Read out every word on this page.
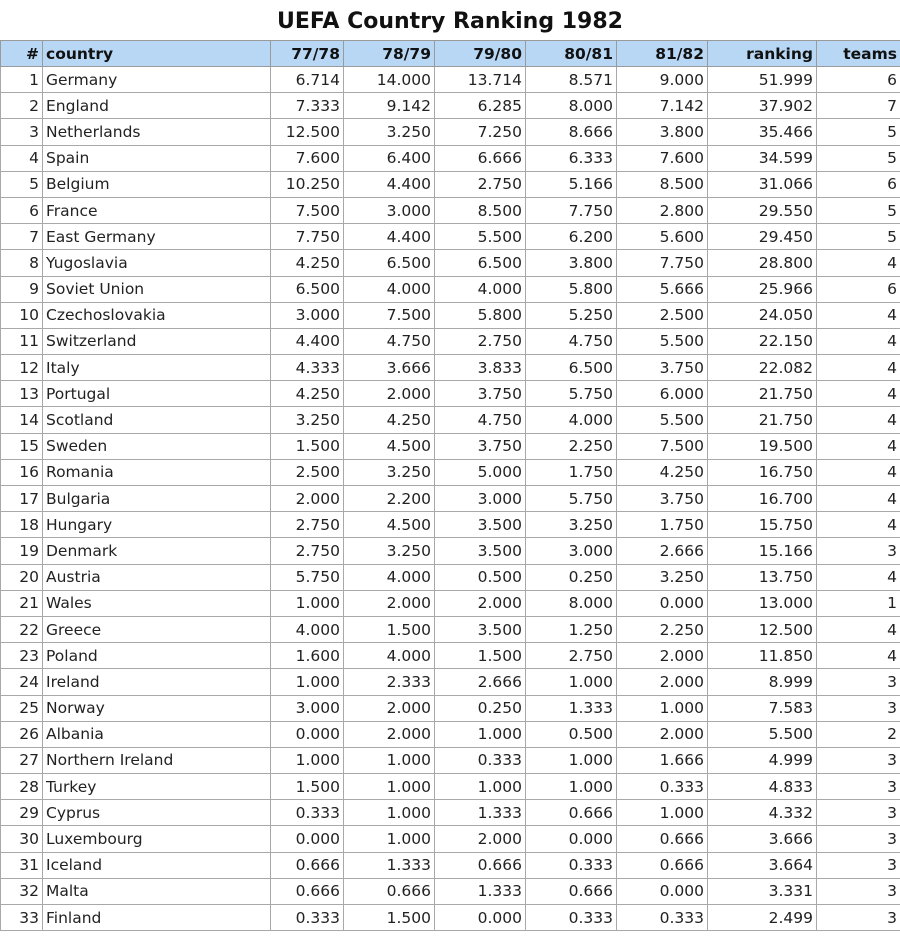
UEFA Country Ranking 1982
#	country	77/78	78/79	79/80	80/81	81/82	ranking	teams
1	Germany	6.714	14.000	13.714	8.571	9.000	51.999	6
2	England	7.333	9.142	6.285	8.000	7.142	37.902	7
3	Netherlands	12.500	3.250	7.250	8.666	3.800	35.466	5
4	Spain	7.600	6.400	6.666	6.333	7.600	34.599	5
5	Belgium	10.250	4.400	2.750	5.166	8.500	31.066	6
6	France	7.500	3.000	8.500	7.750	2.800	29.550	5
7	East Germany	7.750	4.400	5.500	6.200	5.600	29.450	5
8	Yugoslavia	4.250	6.500	6.500	3.800	7.750	28.800	4
9	Soviet Union	6.500	4.000	4.000	5.800	5.666	25.966	6
10	Czechoslovakia	3.000	7.500	5.800	5.250	2.500	24.050	4
11	Switzerland	4.400	4.750	2.750	4.750	5.500	22.150	4
12	Italy	4.333	3.666	3.833	6.500	3.750	22.082	4
13	Portugal	4.250	2.000	3.750	5.750	6.000	21.750	4
14	Scotland	3.250	4.250	4.750	4.000	5.500	21.750	4
15	Sweden	1.500	4.500	3.750	2.250	7.500	19.500	4
16	Romania	2.500	3.250	5.000	1.750	4.250	16.750	4
17	Bulgaria	2.000	2.200	3.000	5.750	3.750	16.700	4
18	Hungary	2.750	4.500	3.500	3.250	1.750	15.750	4
19	Denmark	2.750	3.250	3.500	3.000	2.666	15.166	3
20	Austria	5.750	4.000	0.500	0.250	3.250	13.750	4
21	Wales	1.000	2.000	2.000	8.000	0.000	13.000	1
22	Greece	4.000	1.500	3.500	1.250	2.250	12.500	4
23	Poland	1.600	4.000	1.500	2.750	2.000	11.850	4
24	Ireland	1.000	2.333	2.666	1.000	2.000	8.999	3
25	Norway	3.000	2.000	0.250	1.333	1.000	7.583	3
26	Albania	0.000	2.000	1.000	0.500	2.000	5.500	2
27	Northern Ireland	1.000	1.000	0.333	1.000	1.666	4.999	3
28	Turkey	1.500	1.000	1.000	1.000	0.333	4.833	3
29	Cyprus	0.333	1.000	1.333	0.666	1.000	4.332	3
30	Luxembourg	0.000	1.000	2.000	0.000	0.666	3.666	3
31	Iceland	0.666	1.333	0.666	0.333	0.666	3.664	3
32	Malta	0.666	0.666	1.333	0.666	0.000	3.331	3
33	Finland	0.333	1.500	0.000	0.333	0.333	2.499	3
